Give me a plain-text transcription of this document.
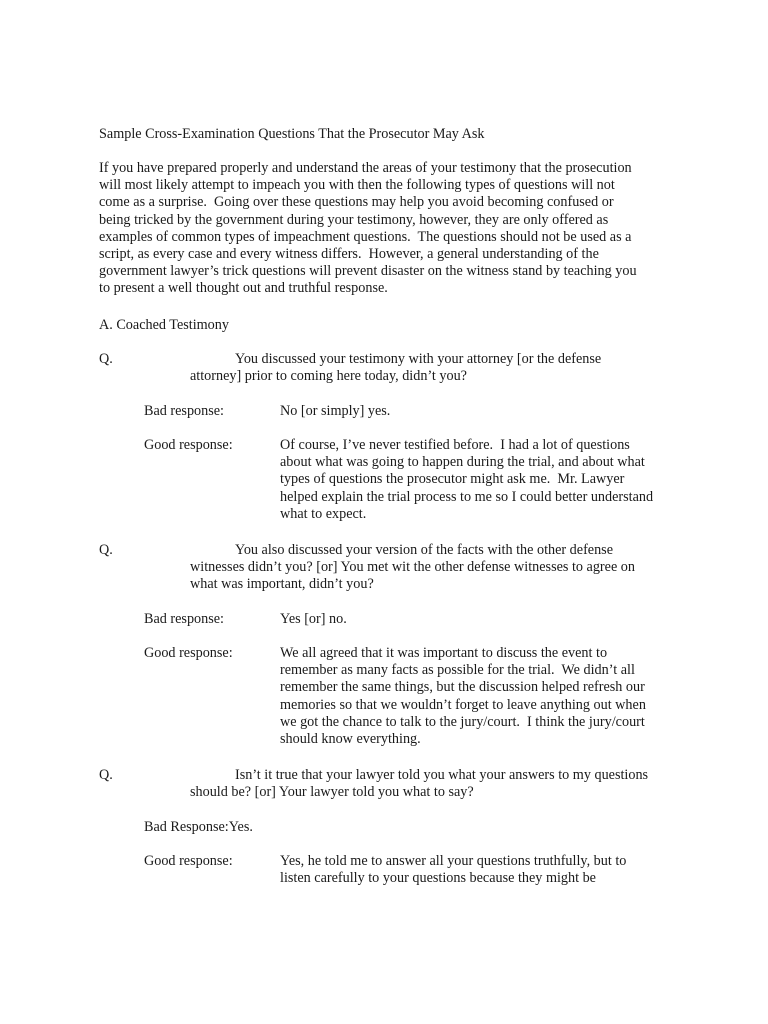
Sample Cross-Examination Questions That the Prosecutor May Ask
If you have prepared properly and understand the areas of your testimony that the prosecution
will most likely attempt to impeach you with then the following types of questions will not
come as a surprise.  Going over these questions may help you avoid becoming confused or
being tricked by the government during your testimony, however, they are only offered as
examples of common types of impeachment questions.  The questions should not be used as a
script, as every case and every witness differs.  However, a general understanding of the
government lawyer’s trick questions will prevent disaster on the witness stand by teaching you
to present a well thought out and truthful response.
A. Coached Testimony
Q.	You discussed your testimony with your attorney [or the defense
attorney] prior to coming here today, didn’t you?
Bad response:	No [or simply] yes.
Good response:	Of course, I’ve never testified before.  I had a lot of questions
about what was going to happen during the trial, and about what
types of questions the prosecutor might ask me.  Mr. Lawyer
helped explain the trial process to me so I could better understand
what to expect.
Q.	You also discussed your version of the facts with the other defense
witnesses didn’t you? [or] You met wit the other defense witnesses to agree on
what was important, didn’t you?
Bad response:	Yes [or] no.
Good response:	We all agreed that it was important to discuss the event to
remember as many facts as possible for the trial.  We didn’t all
remember the same things, but the discussion helped refresh our
memories so that we wouldn’t forget to leave anything out when
we got the chance to talk to the jury/court.  I think the jury/court
should know everything.
Q.	Isn’t it true that your lawyer told you what your answers to my questions
should be? [or] Your lawyer told you what to say?
Bad Response:Yes.
Good response:	Yes, he told me to answer all your questions truthfully, but to
listen carefully to your questions because they might be
